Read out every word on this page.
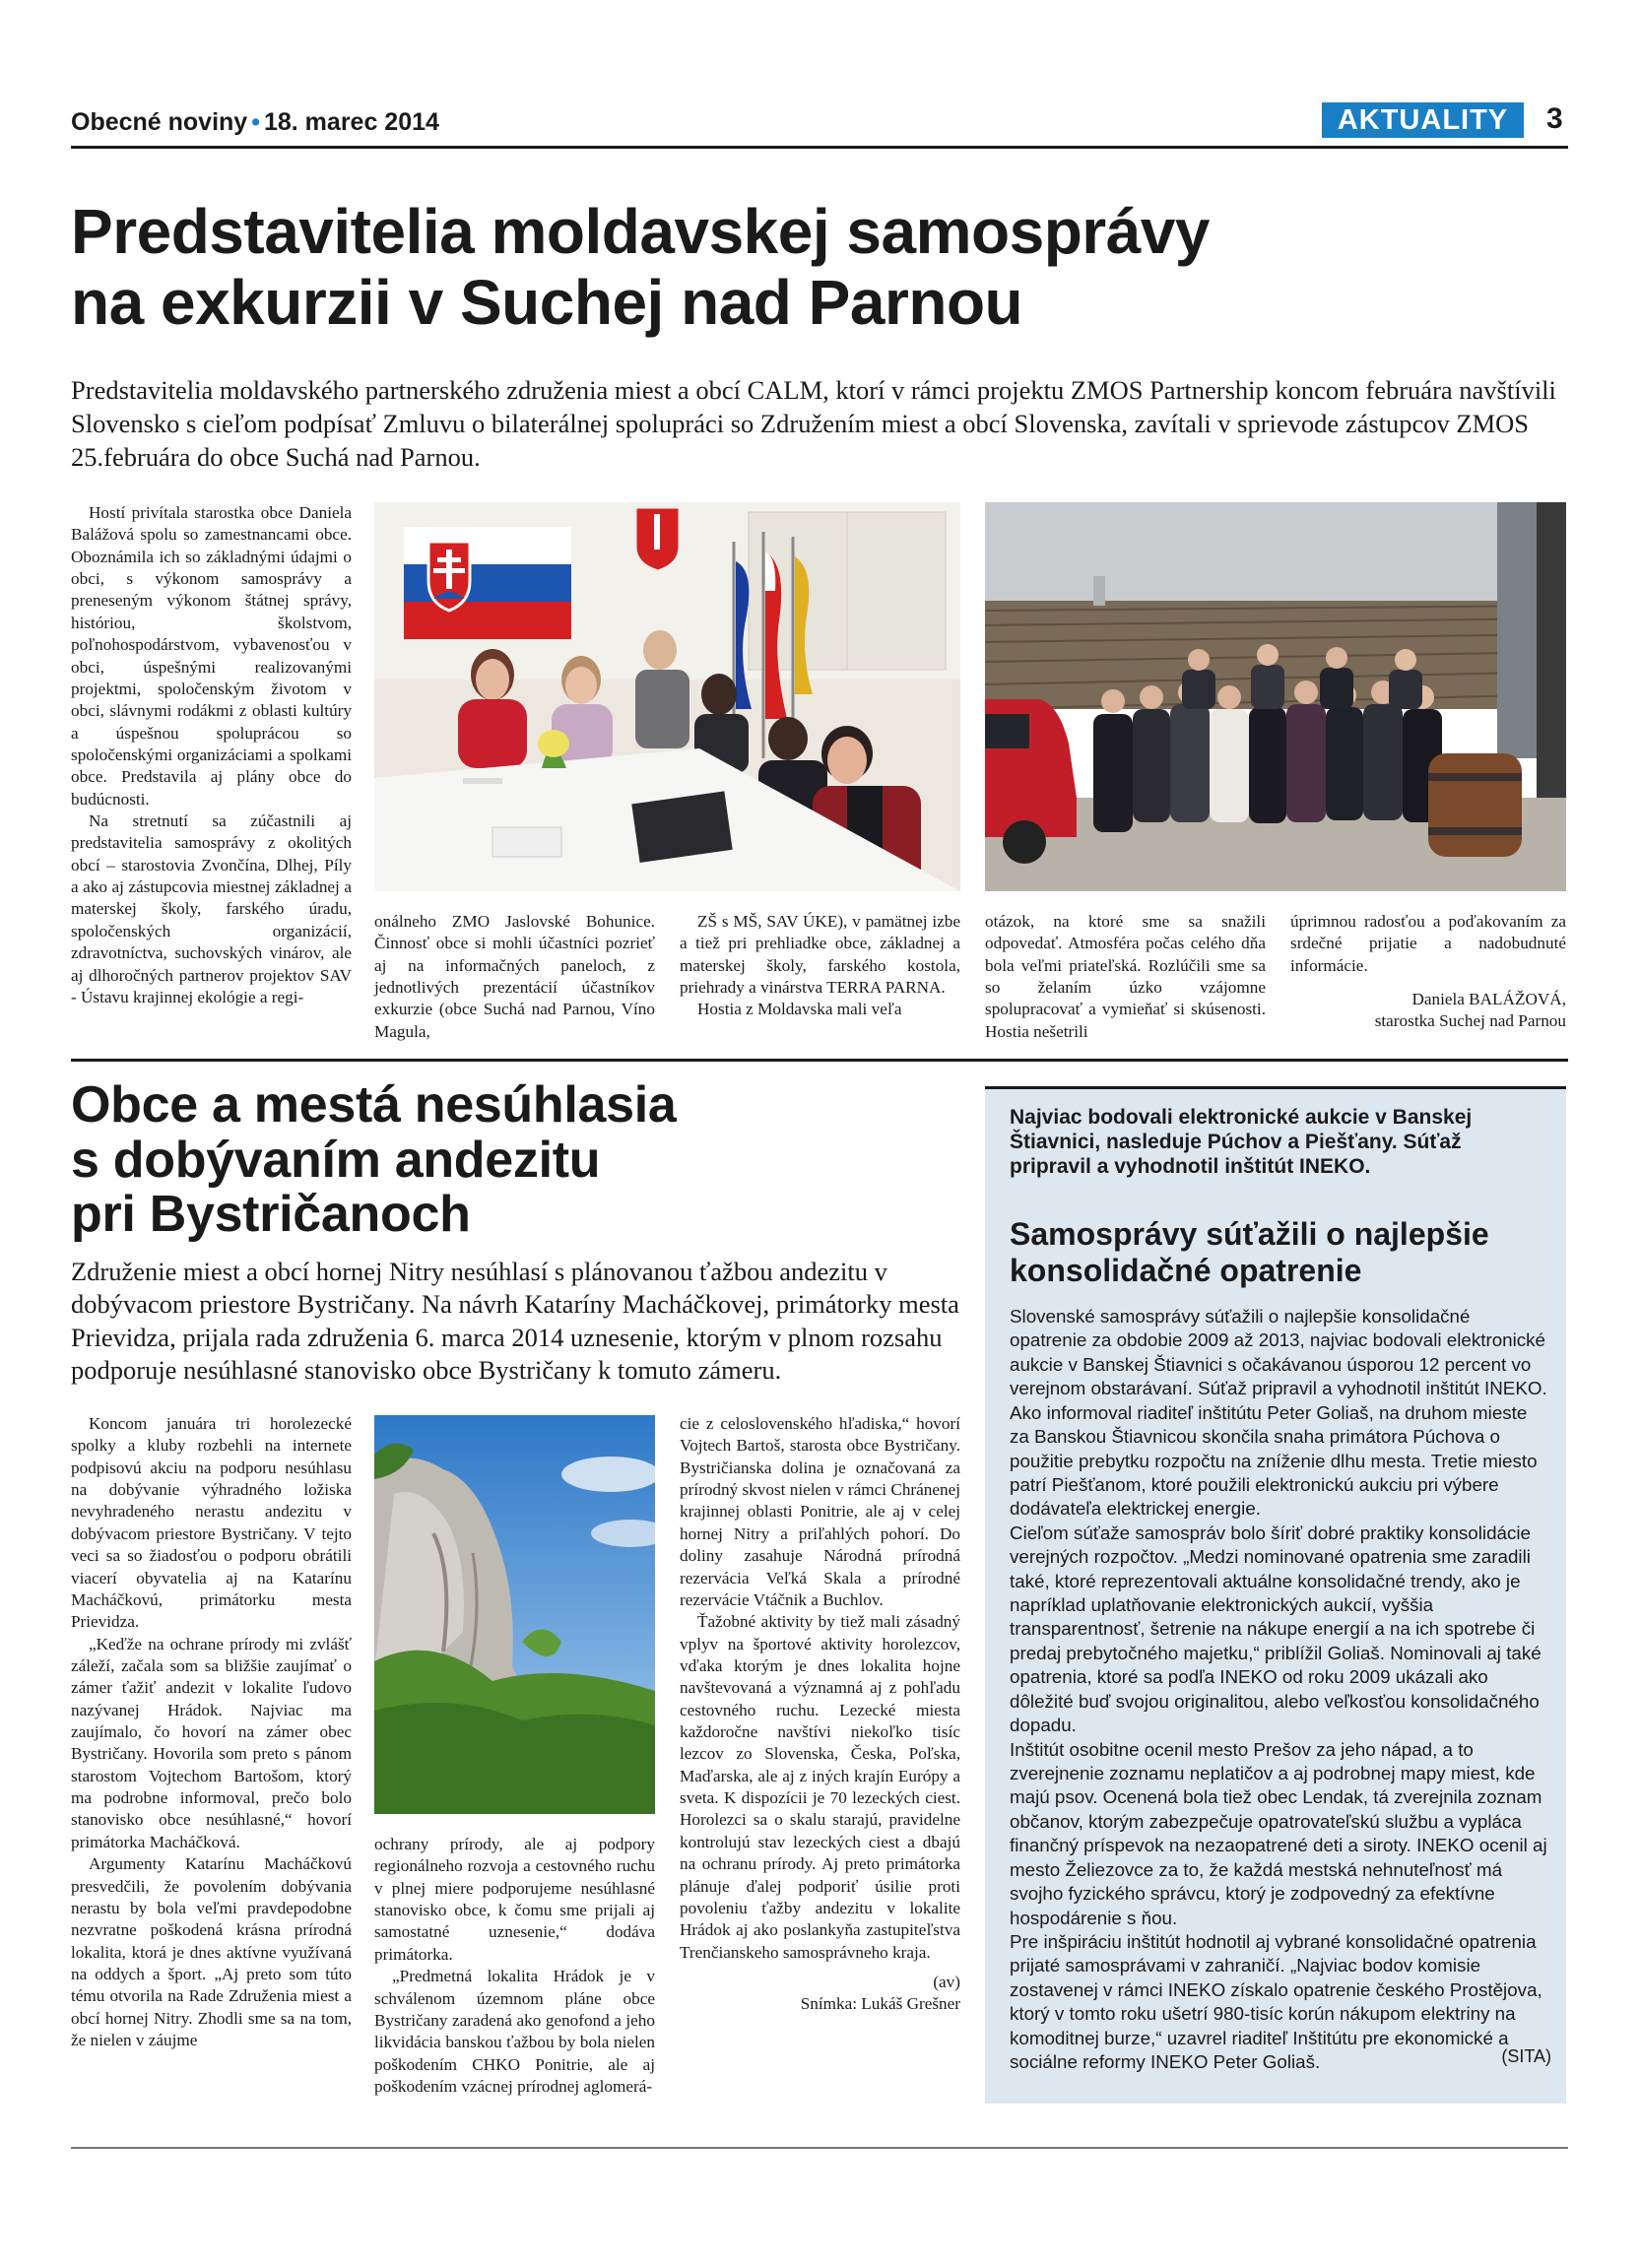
Obecné noviny • 18. marec 2014	AKTUALITY	3
Predstavitelia moldavskej samosprávy
na exkurzii v Suchej nad Parnou

Predstavitelia moldavského partnerského združenia miest a obcí CALM, ktorí v rámci projektu ZMOS Partnership koncom februára navštívili Slovensko s cieľom podpísať Zmluvu o bilaterálnej spolupráci so Združením miest a obcí Slovenska, zavítali v sprievode zástupcov ZMOS 25.februára do obce Suchá nad Parnou.

Hostí privítala starostka obce Daniela Balážová spolu so zamestnancami obce. Oboznámila ich so základnými údajmi o obci, s výkonom samosprávy a preneseným výkonom štátnej správy, históriou, školstvom, poľnohospodárstvom, vybavenosťou v obci, úspešnými realizovanými projektmi, spoločenským životom v obci, slávnymi rodákmi z oblasti kultúry a úspešnou spoluprácou so spoločenskými organizáciami a spolkami obce. Predstavila aj plány obce do budúcnosti.

Na stretnutí sa zúčastnili aj predstavitelia samosprávy z okolitých obcí – starostovia Zvončína, Dlhej, Píly a ako aj zástupcovia miestnej základnej a materskej školy, farského úradu, spoločenských organizácií, zdravotníctva, suchovských vinárov, ale aj dlhoročných partnerov projektov SAV - Ústavu krajinnej ekológie a regi-

onálneho ZMO Jaslovské Bohunice. Činnosť obce si mohli účastníci pozrieť aj na informačných paneloch, z jednotlivých prezentácií účastníkov exkurzie (obce Suchá nad Parnou, Víno Magula,

ZŠ s MŠ, SAV ÚKE), v pamätnej izbe a tiež pri prehliadke obce, základnej a materskej školy, farského kostola, priehrady a vinárstva TERRA PARNA.

Hostia z Moldavska mali veľa

otázok, na ktoré sme sa snažili odpovedať. Atmosféra počas celého dňa bola veľmi priateľská. Rozlúčili sme sa so želaním úzko vzájomne spolupracovať a vymieňať si skúsenosti. Hostia nešetrili

úprimnou radosťou a poďakovaním za srdečné prijatie a nadobudnuté informácie.

Daniela BALÁŽOVÁ,
starostka Suchej nad Parnou
Obce a mestá nesúhlasia
s dobývaním andezitu
pri Bystričanoch

Združenie miest a obcí hornej Nitry nesúhlasí s plánovanou ťažbou andezitu v dobývacom priestore Bystričany. Na návrh Kataríny Macháčkovej, primátorky mesta Prievidza, prijala rada združenia 6. marca 2014 uznesenie, ktorým v plnom rozsahu podporuje nesúhlasné stanovisko obce Bystričany k tomuto zámeru.

Koncom januára tri horolezecké spolky a kluby rozbehli na internete podpisovú akciu na podporu nesúhlasu na dobývanie výhradného ložiska nevyhradeného nerastu andezitu v dobývacom priestore Bystričany. V tejto veci sa so žiadosťou o podporu obrátili viacerí obyvatelia aj na Katarínu Macháčkovú, primátorku mesta Prievidza.

„Keďže na ochrane prírody mi zvlášť záleží, začala som sa bližšie zaujímať o zámer ťažiť andezit v lokalite ľudovo nazývanej Hrádok. Najviac ma zaujímalo, čo hovorí na zámer obec Bystričany. Hovorila som preto s pánom starostom Vojtechom Bartošom, ktorý ma podrobne informoval, prečo bolo stanovisko obce nesúhlasné,“ hovorí primátorka Macháčková.

Argumenty Katarínu Macháčkovú presvedčili, že povolením dobývania nerastu by bola veľmi pravdepodobne nezvratne poškodená krásna prírodná lokalita, ktorá je dnes aktívne využívaná na oddych a šport. „Aj preto som túto tému otvorila na Rade Združenia miest a obcí hornej Nitry. Zhodli sme sa na tom, že nielen v záujme

ochrany prírody, ale aj podpory regionálneho rozvoja a cestovného ruchu v plnej miere podporujeme nesúhlasné stanovisko obce, k čomu sme prijali aj samostatné uznesenie,“ dodáva primátorka.

„Predmetná lokalita Hrádok je v schválenom územnom pláne obce Bystričany zaradená ako genofond a jeho likvidácia banskou ťažbou by bola nielen poškodením CHKO Ponitrie, ale aj poškodením vzácnej prírodnej aglomerá-

cie z celoslovenského hľadiska,“ hovorí Vojtech Bartoš, starosta obce Bystričany. Bystričianska dolina je označovaná za prírodný skvost nielen v rámci Chránenej krajinnej oblasti Ponitrie, ale aj v celej hornej Nitry a priľahlých pohorí. Do doliny zasahuje Národná prírodná rezervácia Veľká Skala a prírodné rezervácie Vtáčnik a Buchlov.

Ťažobné aktivity by tiež mali zásadný vplyv na športové aktivity horolezcov, vďaka ktorým je dnes lokalita hojne navštevovaná a významná aj z pohľadu cestovného ruchu. Lezecké miesta každoročne navštívi niekoľko tisíc lezcov zo Slovenska, Česka, Poľska, Maďarska, ale aj z iných krajín Európy a sveta. K dispozícii je 70 lezeckých ciest. Horolezci sa o skalu starajú, pravidelne kontrolujú stav lezeckých ciest a dbajú na ochranu prírody. Aj preto primátorka plánuje ďalej podporiť úsilie proti povoleniu ťažby andezitu v lokalite Hrádok aj ako poslankyňa zastupiteľstva Trenčianskeho samosprávneho kraja.

(av)
Snímka: Lukáš Grešner

Najviac bodovali elektronické aukcie v Banskej Štiavnici, nasleduje Púchov a Piešťany. Súťaž pripravil a vyhodnotil inštitút INEKO.

Samosprávy súťažili o najlepšie konsolidačné opatrenie

Slovenské samosprávy súťažili o najlepšie konsolidačné opatrenie za obdobie 2009 až 2013, najviac bodovali elektronické aukcie v Banskej Štiavnici s očakávanou úsporou 12 percent vo verejnom obstarávaní. Súťaž pripravil a vyhodnotil inštitút INEKO.

Ako informoval riaditeľ inštitútu Peter Goliaš, na druhom mieste za Banskou Štiavnicou skončila snaha primátora Púchova o použitie prebytku rozpočtu na zníženie dlhu mesta. Tretie miesto patrí Piešťanom, ktoré použili elektronickú aukciu pri výbere dodávateľa elektrickej energie.

Cieľom súťaže samospráv bolo šíriť dobré praktiky konsolidácie verejných rozpočtov. „Medzi nominované opatrenia sme zaradili také, ktoré reprezentovali aktuálne konsolidačné trendy, ako je napríklad uplatňovanie elektronických aukcií, vyššia transparentnosť, šetrenie na nákupe energií a na ich spotrebe či predaj prebytočného majetku,“ priblížil Goliaš. Nominovali aj také opatrenia, ktoré sa podľa INEKO od roku 2009 ukázali ako dôležité buď svojou originalitou, alebo veľkosťou konsolidačného dopadu.

Inštitút osobitne ocenil mesto Prešov za jeho nápad, a to zverejnenie zoznamu neplatičov a aj podrobnej mapy miest, kde majú psov. Ocenená bola tiež obec Lendak, tá zverejnila zoznam občanov, ktorým zabezpečuje opatrovateľskú službu a vypláca finančný príspevok na nezaopatrené deti a siroty. INEKO ocenil aj mesto Želiezovce za to, že každá mestská nehnuteľnosť má svojho fyzického správcu, ktorý je zodpovedný za efektívne hospodárenie s ňou.

Pre inšpiráciu inštitút hodnotil aj vybrané konsolidačné opatrenia prijaté samosprávami v zahraničí. „Najviac bodov komisie zostavenej v rámci INEKO získalo opatrenie českého Prostějova, ktorý v tomto roku ušetrí 980-tisíc korún nákupom elektriny na komoditnej burze,“ uzavrel riaditeľ Inštitútu pre ekonomické a sociálne reformy INEKO Peter Goliaš.	(SITA)
